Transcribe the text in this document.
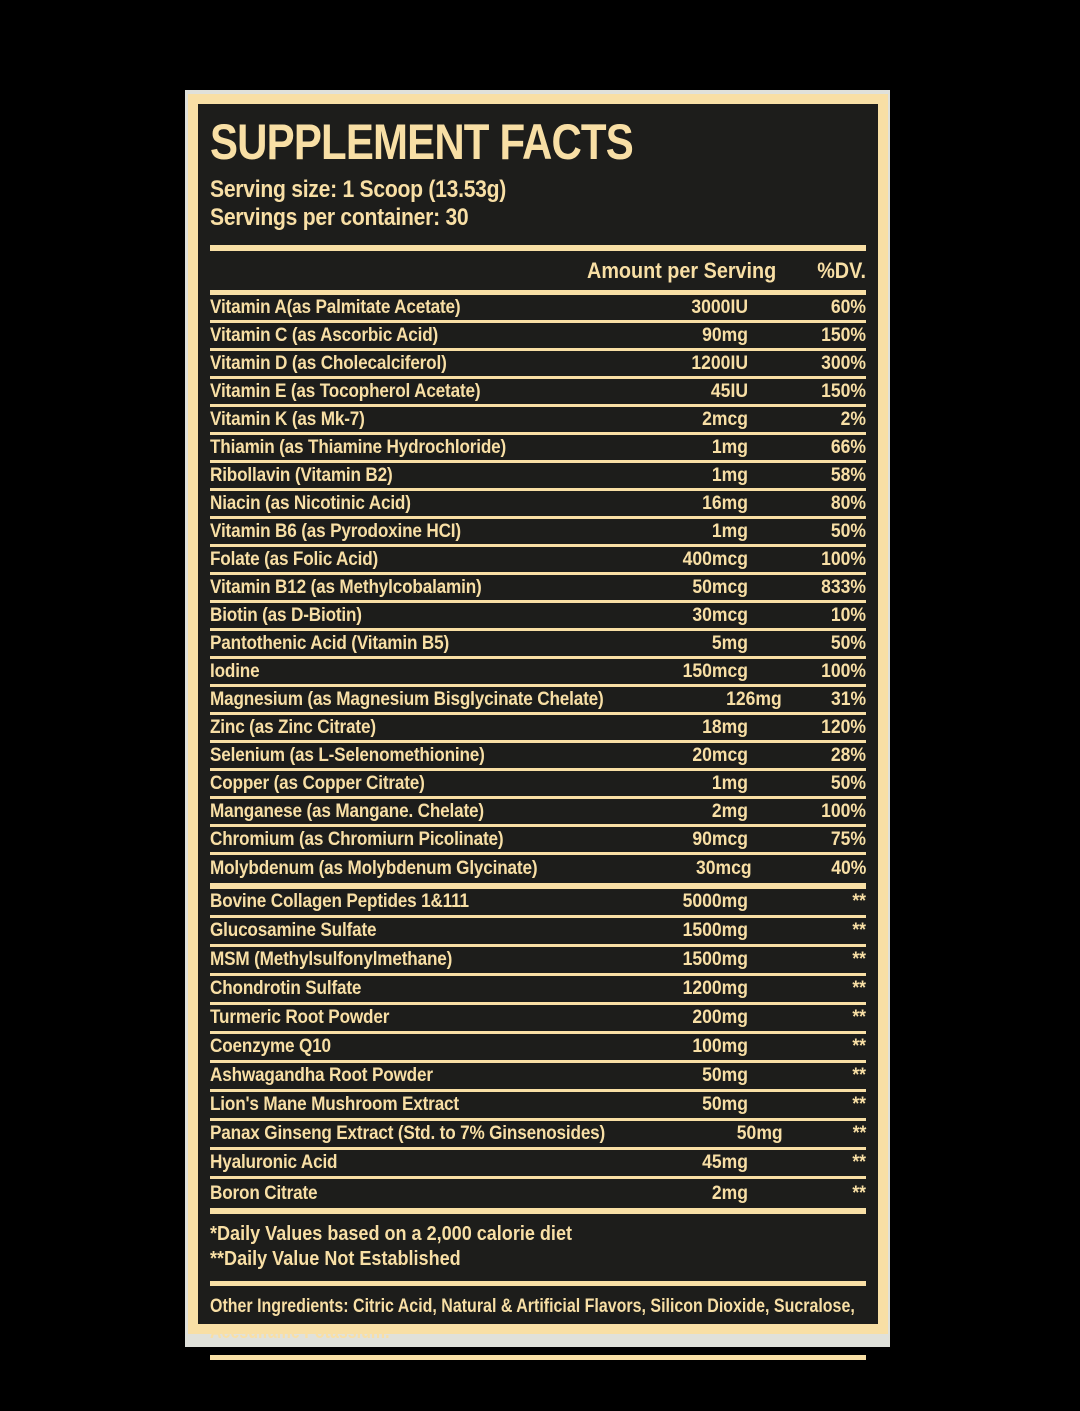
SUPPLEMENT FACTS
Serving size: 1 Scoop (13.53g)
Servings per container: 30
Amount per Serving	%DV.
Vitamin A(as Palmitate Acetate)	3000IU	60%
Vitamin C (as Ascorbic Acid)	90mg	150%
Vitamin D (as Cholecalciferol)	1200IU	300%
Vitamin E (as Tocopherol Acetate)	45IU	150%
Vitamin K (as Mk-7)	2mcg	2%
Thiamin (as Thiamine Hydrochloride)	1mg	66%
Ribollavin (Vitamin B2)	1mg	58%
Niacin (as Nicotinic Acid)	16mg	80%
Vitamin B6 (as Pyrodoxine HCI)	1mg	50%
Folate (as Folic Acid)	400mcg	100%
Vitamin B12 (as Methylcobalamin)	50mcg	833%
Biotin (as D-Biotin)	30mcg	10%
Pantothenic Acid (Vitamin B5)	5mg	50%
Iodine	150mcg	100%
Magnesium (as Magnesium Bisglycinate Chelate)	126mg	31%
Zinc (as Zinc Citrate)	18mg	120%
Selenium (as L-Selenomethionine)	20mcg	28%
Copper (as Copper Citrate)	1mg	50%
Manganese (as Mangane. Chelate)	2mg	100%
Chromium (as Chromiurn Picolinate)	90mcg	75%
Molybdenum (as Molybdenum Glycinate)	30mcg	40%
Bovine Collagen Peptides 1&111	5000mg	**
Glucosamine Sulfate	1500mg	**
MSM (Methylsulfonylmethane)	1500mg	**
Chondrotin Sulfate	1200mg	**
Turmeric Root Powder	200mg	**
Coenzyme Q10	100mg	**
Ashwagandha Root Powder	50mg	**
Lion's Mane Mushroom Extract	50mg	**
Panax Ginseng Extract (Std. to 7% Ginsenosides)	50mg	**
Hyaluronic Acid	45mg	**
Boron Citrate	2mg	**
*Daily Values based on a 2,000 calorie diet
**Daily Value Not Established
Other Ingredients: Citric Acid, Natural & Artificial Flavors, Silicon Dioxide, Sucralose, Acesulfame Potassium.
